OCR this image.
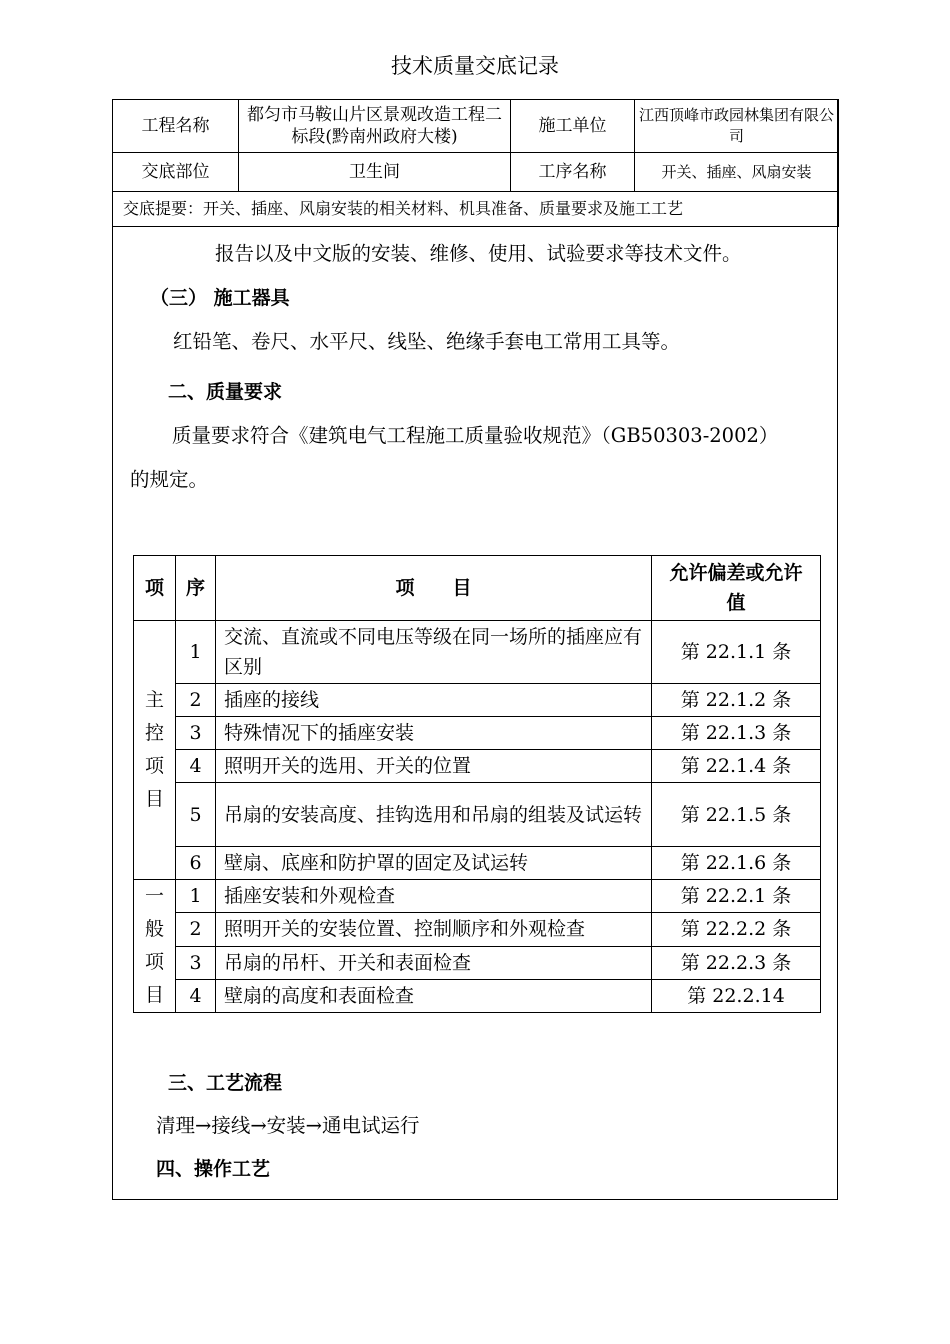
技术质量交底记录
工程名称	都匀市马鞍山片区景观改造工程二标段(黔南州政府大楼)	施工单位	江西顶峰市政园林集团有限公司
交底部位	卫生间	工序名称	开关、插座、风扇安装
交底提要：开关、插座、风扇安装的相关材料、机具准备、质量要求及施工工艺			
报告以及中文版的安装、维修、使用、试验要求等技术文件。
（三） 施工器具
红铅笔、卷尺、水平尺、线坠、绝缘手套电工常用工具等。
二、质量要求
质量要求符合《建筑电气工程施工质量验收规范》（GB50303-2002）
的规定。
项	序	项　　目	允许偏差或允许值

主
控
项
目	1	交流、直流或不同电压等级在同一场所的插座应有区别	第 22.1.1 条
	2	插座的接线	第 22.1.2 条
	3	特殊情况下的插座安装	第 22.1.3 条
	4	照明开关的选用、开关的位置	第 22.1.4 条
	5	吊扇的安装高度、挂钩选用和吊扇的组装及试运转	第 22.1.5 条
	6	壁扇、底座和防护罩的固定及试运转	第 22.1.6 条

一
般
项
目	1	插座安装和外观检查	第 22.2.1 条
	2	照明开关的安装位置、控制顺序和外观检查	第 22.2.2 条
	3	吊扇的吊杆、开关和表面检查	第 22.2.3 条
	4	壁扇的高度和表面检查	第 22.2.14
三、工艺流程
清理→接线→安装→通电试运行
四、操作工艺
